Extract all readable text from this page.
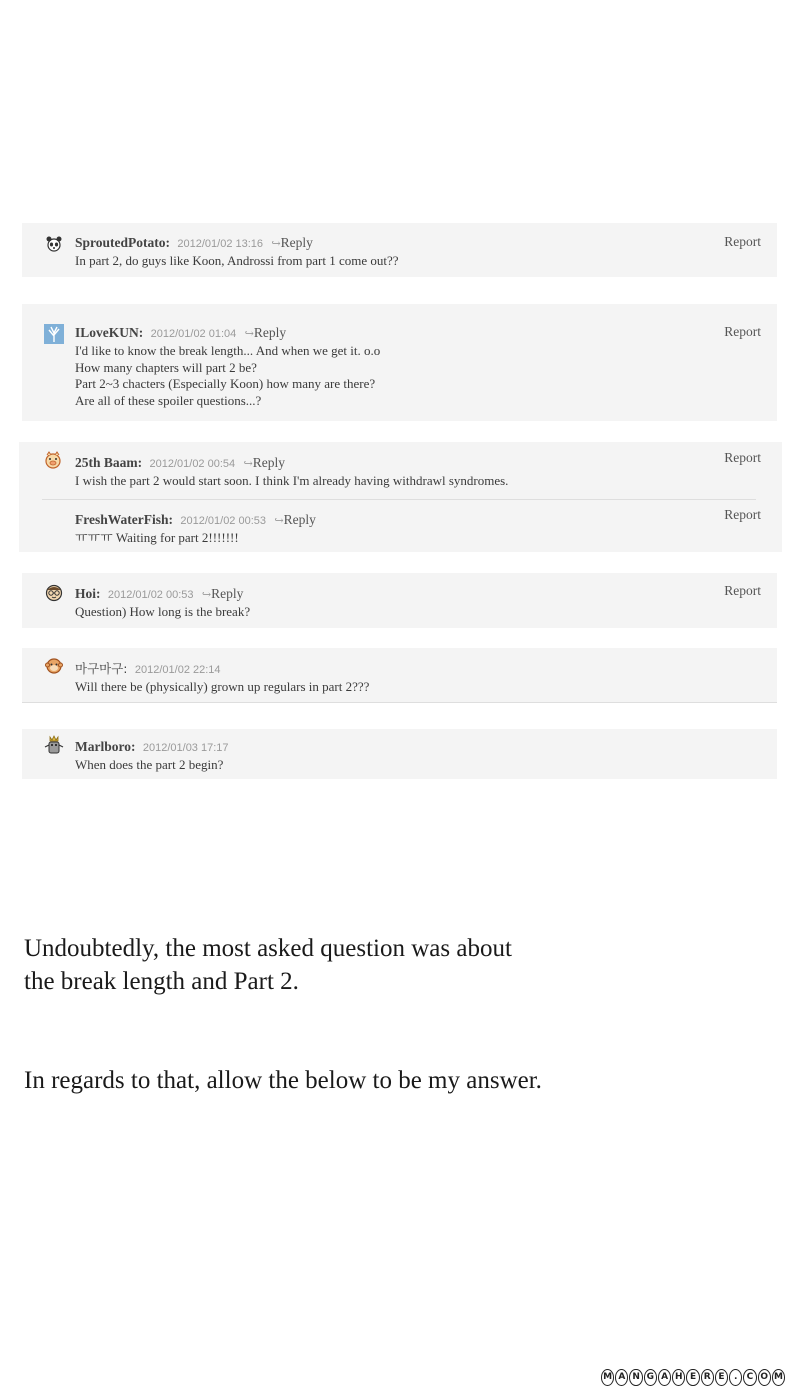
SproutedPotato: 2012/01/02 13:16 ↪Reply
In part 2, do guys like Koon, Androssi from part 1 come out??
Report
ILoveKUN: 2012/01/02 01:04 ↪Reply
I'd like to know the break length... And when we get it. o.o
How many chapters will part 2 be?
Part 2~3 chacters (Especially Koon) how many are there?
Are all of these spoiler questions...?
Report
25th Baam: 2012/01/02 00:54 ↪Reply
I wish the part 2 would start soon. I think I'm already having withdrawl syndromes.
Report
FreshWaterFish: 2012/01/02 00:53 ↪Reply
ㅠㅠㅠ Waiting for part 2!!!!!!!
Report
Hoi: 2012/01/02 00:53 ↪Reply
Question) How long is the break?
Report
마구마구: 2012/01/02 22:14
Will there be (physically) grown up regulars in part 2???
Marlboro: 2012/01/03 17:17
When does the part 2 begin?
Undoubtedly, the most asked question was about
the break length and Part 2.
In regards to that, allow the below to be my answer.
M A N G A H E R E	.	C O M
